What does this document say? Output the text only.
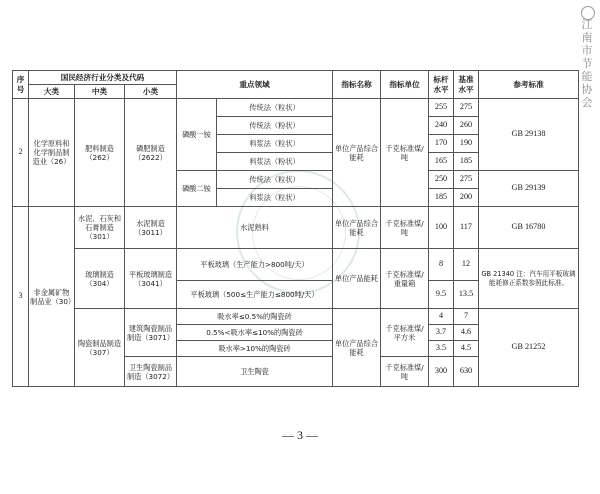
江南市节能协会
序号	国民经济行业分类及代码			重点领域		指标名称	指标单位	标杆水平	基准水平	参考标准
	大类	中类	小类							
2	化学原料和化学制品制造业（26）	肥料制造（262）	磷肥制造（2622）	磷酸一铵	传统法（粒状）	单位产品综合能耗	千克标准煤/吨	255	275	GB 29138
					传统法（粉状）			240	260	
					料浆法（粒状）			170	190	
					料浆法（粉状）			165	185	
				磷酸二铵	传统法（粒状）			250	275	GB 29139
					料浆法（粒状）			185	200	
3	非金属矿物制品业（30）	水泥、石灰和石膏制造（301）	水泥制造（3011）	水泥熟料		单位产品综合能耗	千克标准煤/吨	100	117	GB 16780
		玻璃制造（304）	平板玻璃制造（3041）	平板玻璃（生产能力>800吨/天）		单位产品能耗	千克标准煤/重量箱	8	12	GB 21340 注：汽车用平板玻璃能耗修正系数参照此标准。
				平板玻璃（500≤生产能力≤800吨/天）				9.5	13.5	
		陶瓷制品制造（307）	建筑陶瓷制品制造（3071）	吸水率≤0.5%的陶瓷砖		单位产品综合能耗	千克标准煤/平方米	4	7	GB 21252
				0.5%<吸水率≤10%的陶瓷砖				3.7	4.6	
				吸水率>10%的陶瓷砖				3.5	4.5	
			卫生陶瓷制品制造（3072）	卫生陶瓷			千克标准煤/吨	300	630	
— 3 —
